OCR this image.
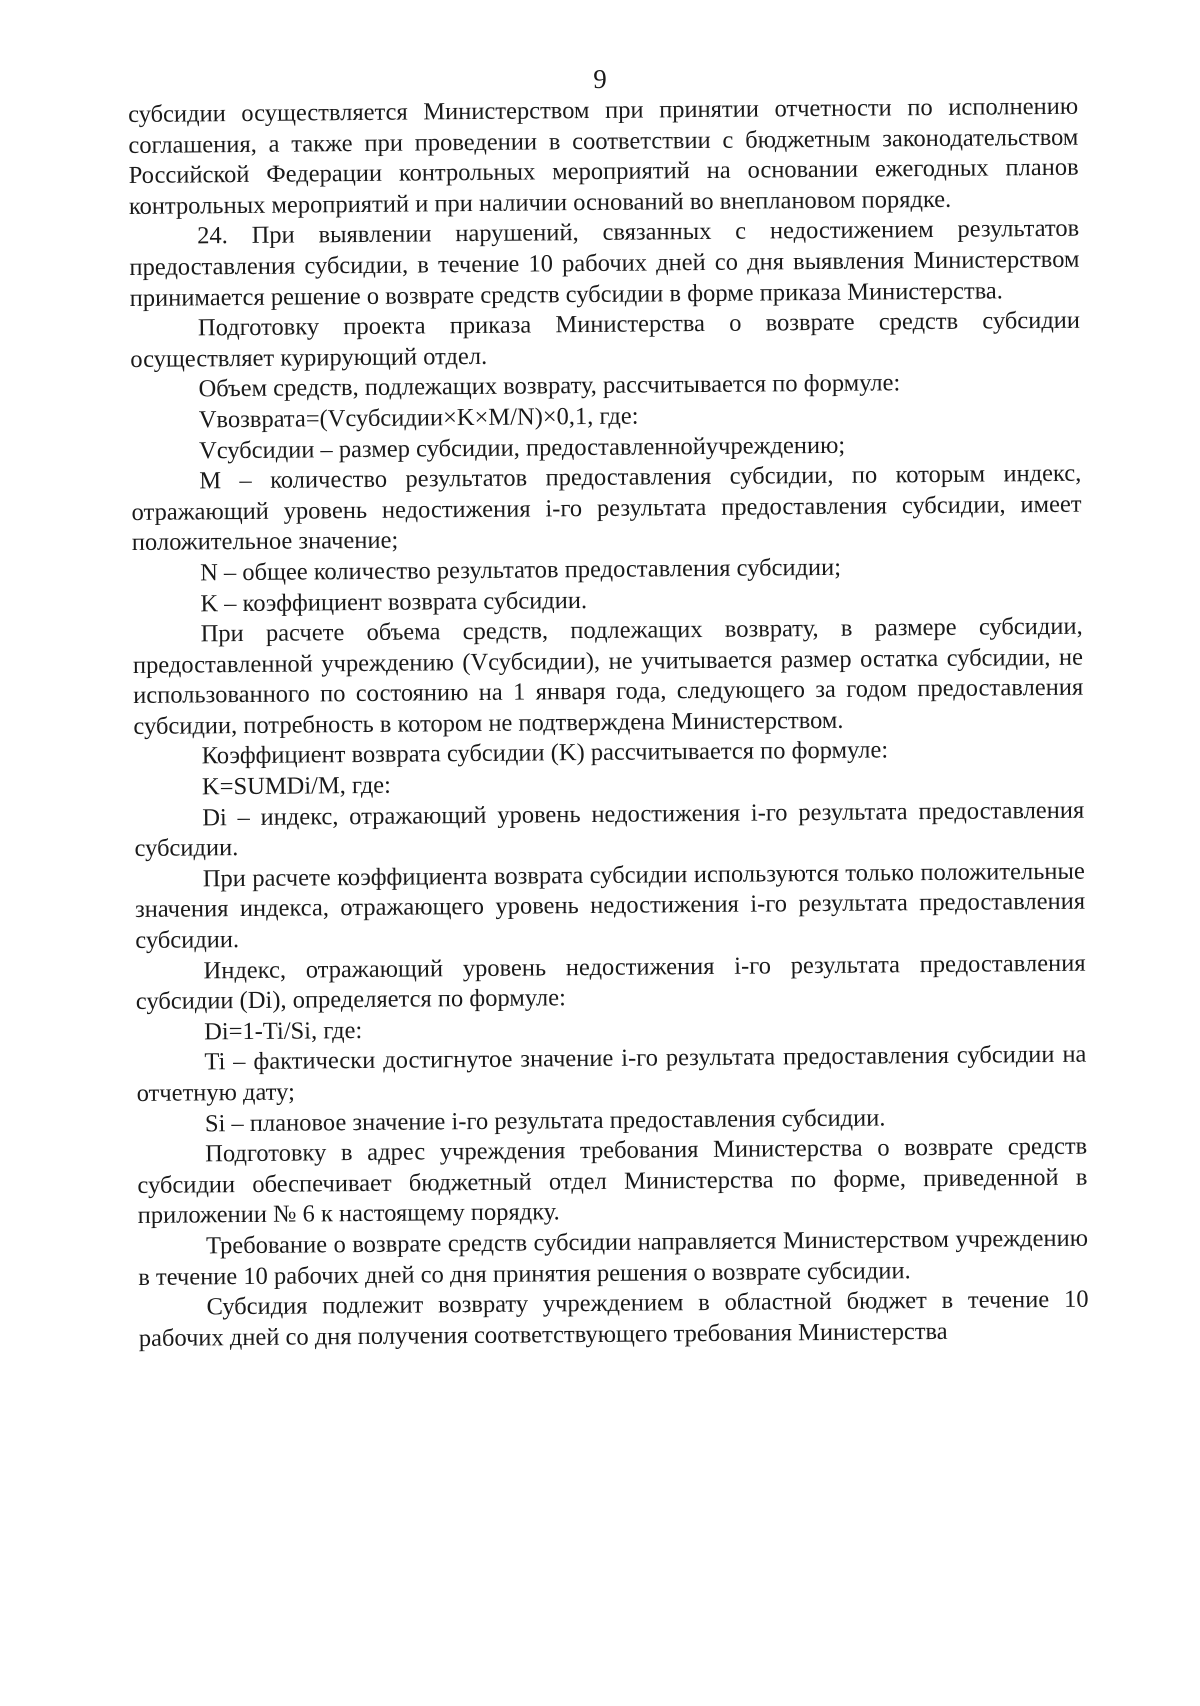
9

субсидии осуществляется Министерством при принятии отчетности по исполнению соглашения, а также при проведении в соответствии с бюджетным законодательством Российской Федерации контрольных мероприятий на основании ежегодных планов контрольных мероприятий и при наличии оснований во внеплановом порядке.

24. При выявлении нарушений, связанных с недостижением результатов предоставления субсидии, в течение 10 рабочих дней со дня выявления Министерством принимается решение о возврате средств субсидии в форме приказа Министерства.

Подготовку проекта приказа Министерства о возврате средств субсидии осуществляет курирующий отдел.

Объем средств, подлежащих возврату, рассчитывается по формуле:

Vвозврата=(Vсубсидии×K×M/N)×0,1, где:

Vсубсидии – размер субсидии, предоставленнойучреждению;

M – количество результатов предоставления субсидии, по которым индекс, отражающий уровень недостижения i-го результата предоставления субсидии, имеет положительное значение;

N – общее количество результатов предоставления субсидии;

K – коэффициент возврата субсидии.

При расчете объема средств, подлежащих возврату, в размере субсидии, предоставленной учреждению (Vсубсидии), не учитывается размер остатка субсидии, не использованного по состоянию на 1 января года, следующего за годом предоставления субсидии, потребность в котором не подтверждена Министерством.

Коэффициент возврата субсидии (K) рассчитывается по формуле:

K=SUMDi/M, где:

Di – индекс, отражающий уровень недостижения i-го результата предоставления субсидии.

При расчете коэффициента возврата субсидии используются только положительные значения индекса, отражающего уровень недостижения i-го результата предоставления субсидии.

Индекс, отражающий уровень недостижения i-го результата предоставления субсидии (Di), определяется по формуле:

Di=1-Ti/Si, где:

Ti – фактически достигнутое значение i-го результата предоставления субсидии на отчетную дату;

Si – плановое значение i-го результата предоставления субсидии.

Подготовку в адрес учреждения требования Министерства о возврате средств субсидии обеспечивает бюджетный отдел Министерства по форме, приведенной в приложении № 6 к настоящему порядку.

Требование о возврате средств субсидии направляется Министерством учреждению в течение 10 рабочих дней со дня принятия решения о возврате субсидии.

Субсидия подлежит возврату учреждением в областной бюджет в течение 10 рабочих дней со дня получения соответствующего требования Министерства
